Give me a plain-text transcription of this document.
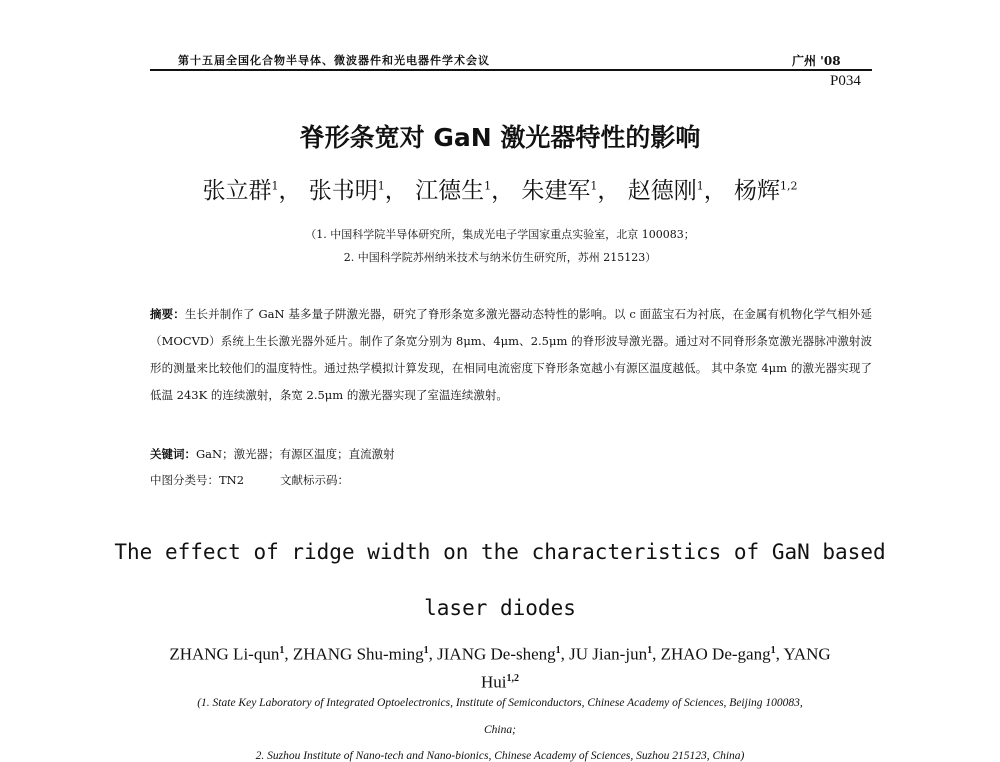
第十五届全国化合物半导体、微波器件和光电器件学术会议	广州 '08
P034
脊形条宽对 GaN 激光器特性的影响
张立群$^1$， 张书明$^1$， 江德生$^1$， 朱建军$^1$， 赵德刚$^1$， 杨辉$^{1,2}$
（1. 中国科学院半导体研究所，集成光电子学国家重点实验室，北京 100083；
2. 中国科学院苏州纳米技术与纳米仿生研究所，苏州 215123）
摘要：生长并制作了 GaN 基多量子阱激光器，研究了脊形条宽多激光器动态特性的影响。以 c 面蓝宝石为衬底，在金属有机物化学气相外延（MOCVD）系统上生长激光器外延片。制作了条宽分别为 8μm、4μm、2.5μm 的脊形波导激光器。通过对不同脊形条宽激光器脉冲激射波形的测量来比较他们的温度特性。通过热学模拟计算发现，在相同电流密度下脊形条宽越小有源区温度越低。 其中条宽 4μm 的激光器实现了低温 243K 的连续激射，条宽 2.5μm 的激光器实现了室温连续激射。
关键词：GaN；激光器；有源区温度；直流激射
中图分类号：TN2	文献标示码：
The effect of ridge width on the characteristics of GaN based
laser diodes
ZHANG Li-qun$^1$, ZHANG Shu-ming$^1$, JIANG De-sheng$^1$, JU Jian-jun$^1$, ZHAO De-gang$^1$, YANG Hui$^{1,2}$
(1. State Key Laboratory of Integrated Optoelectronics, Institute of Semiconductors, Chinese Academy of Sciences, Beijing 100083,
China;
2. Suzhou Institute of Nano-tech and Nano-bionics, Chinese Academy of Sciences, Suzhou 215123, China)
